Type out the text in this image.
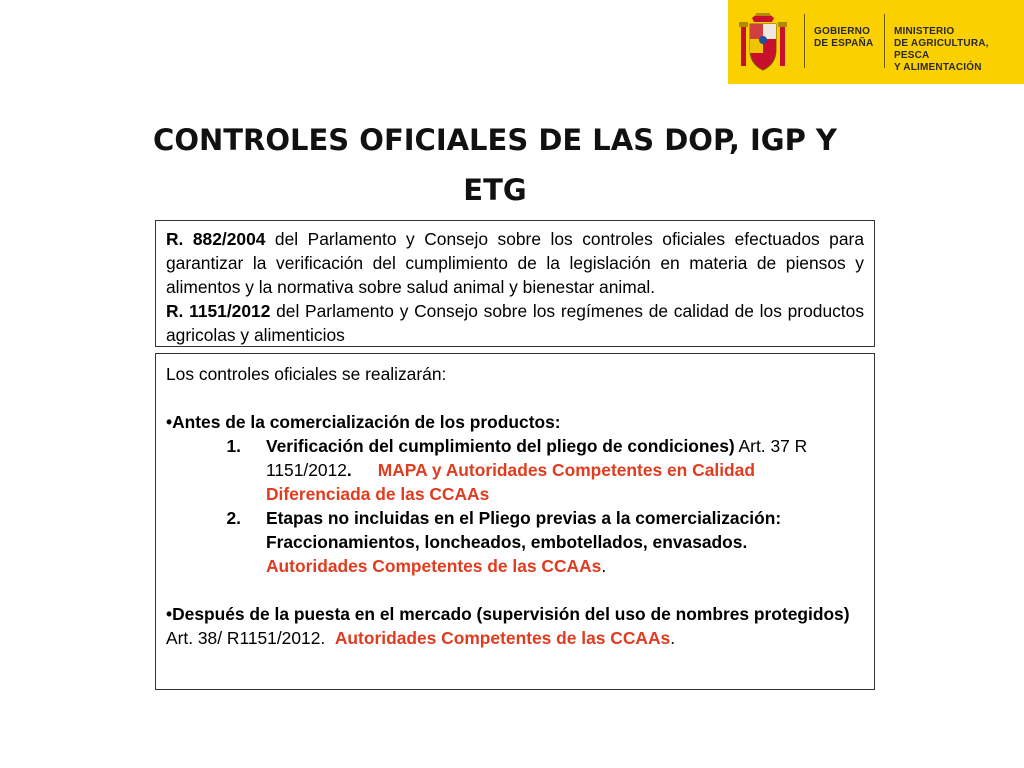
GOBIERNO
DE ESPAÑA
MINISTERIO
DE AGRICULTURA, PESCA
Y ALIMENTACIÓN
CONTROLES OFICIALES DE LAS DOP, IGP Y
ETG

R. 882/2004 del Parlamento y Consejo sobre los controles oficiales efectuados para garantizar la verificación del cumplimiento de la legislación en materia de piensos y alimentos y la normativa sobre salud animal y bienestar animal.

R. 1151/2012 del Parlamento y Consejo sobre los regímenes de calidad de los productos agricolas y alimenticios

Los controles oficiales se realizarán:

•Antes de la comercialización de los productos:

1.	Verificación del cumplimiento del pliego de condiciones) Art. 37 R 1151/2012. MAPA y Autoridades Competentes en Calidad Diferenciada de las CCAAs
2.	Etapas no incluidas en el Pliego previas a la comercialización: Fraccionamientos, loncheados, embotellados, envasados.
Autoridades Competentes de las CCAAs.

•Después de la puesta en el mercado (supervisión del uso de nombres protegidos) Art. 38/ R1151/2012.  Autoridades Competentes de las CCAAs.
